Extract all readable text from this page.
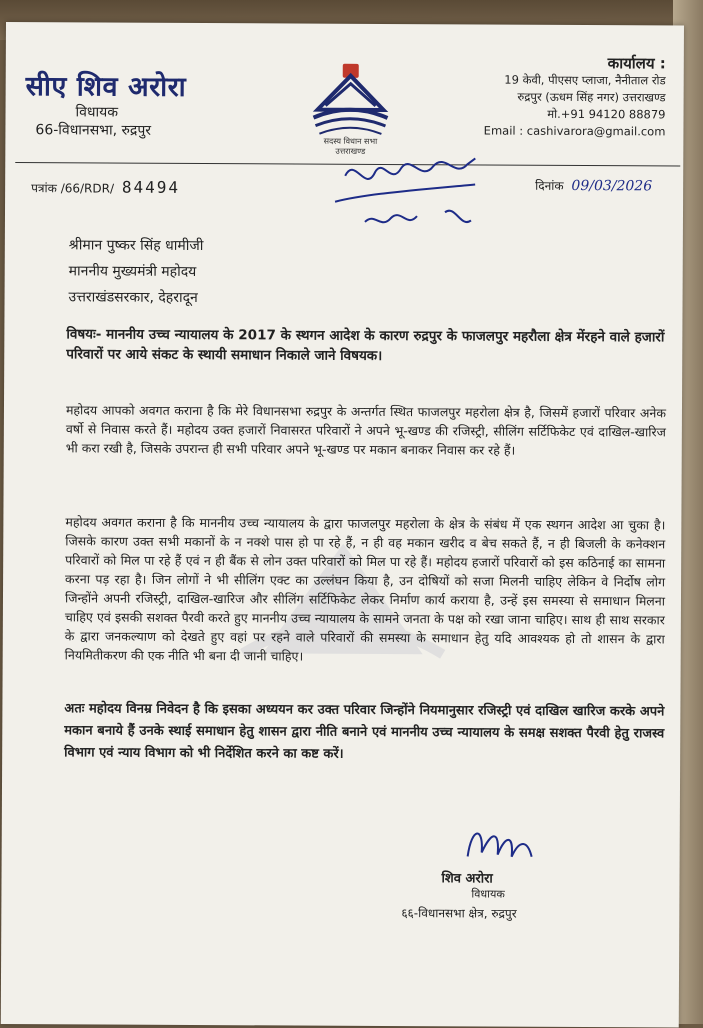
सीए शिव अरोरा
विधायक
66-विधानसभा, रुद्रपुर
सदस्य विधान सभा
उत्तराखण्ड
कार्यालय :
19 केवी, पीएसए प्लाजा, नैनीताल रोड
रुद्रपुर (ऊधम सिंह नगर) उत्तराखण्ड
मो.+91 94120 88879
Email : cashivarora@gmail.com
पत्रांक /66/RDR/ 84494	दिनांक 09/03/2026
श्रीमान पुष्कर सिंह धामीजी
माननीय मुख्यमंत्री महोदय
उत्तराखंडसरकार, देहरादून
विषयः- माननीय उच्च न्यायालय के 2017 के स्थगन आदेश के कारण रुद्रपुर के फाजलपुर महरौला क्षेत्र मेंरहने वाले हजारों परिवारों पर आये संकट के स्थायी समाधान निकाले जाने विषयक।
महोदय आपको अवगत कराना है कि मेरे विधानसभा रुद्रपुर के अन्तर्गत स्थित फाजलपुर महरोला क्षेत्र है, जिसमें हजारों परिवार अनेक वर्षो से निवास करते हैं। महोदय उक्त हजारों निवासरत परिवारों ने अपने भू-खण्ड की रजिस्ट्री, सीलिंग सर्टिफिकेट एवं दाखिल-खारिज भी करा रखी है, जिसके उपरान्त ही सभी परिवार अपने भू-खण्ड पर मकान बनाकर निवास कर रहे हैं।
महोदय अवगत कराना है कि माननीय उच्च न्यायालय के द्वारा फाजलपुर महरोला के क्षेत्र के संबंध में एक स्थगन आदेश आ चुका है। जिसके कारण उक्त सभी मकानों के न नक्शे पास हो पा रहे हैं, न ही वह मकान खरीद व बेच सकते हैं, न ही बिजली के कनेक्शन परिवारों को मिल पा रहे हैं एवं न ही बैंक से लोन उक्त परिवारों को मिल पा रहे हैं। महोदय हजारों परिवारों को इस कठिनाई का सामना करना पड़ रहा है। जिन लोगों ने भी सीलिंग एक्ट का उल्लंघन किया है, उन दोषियों को सजा मिलनी चाहिए लेकिन वे निर्दोष लोग जिन्होंने अपनी रजिस्ट्री, दाखिल-खारिज और सीलिंग सर्टिफिकेट लेकर निर्माण कार्य कराया है, उन्हें इस समस्या से समाधान मिलना चाहिए एवं इसकी सशक्त पैरवी करते हुए माननीय उच्च न्यायालय के सामने जनता के पक्ष को रखा जाना चाहिए। साथ ही साथ सरकार के द्वारा जनकल्याण को देखते हुए वहां पर रहने वाले परिवारों की समस्या के समाधान हेतु यदि आवश्यक हो तो शासन के द्वारा नियमितीकरण की एक नीति भी बना दी जानी चाहिए।
अतः महोदय विनम्र निवेदन है कि इसका अध्ययन कर उक्त परिवार जिन्होंने नियमानुसार रजिस्ट्री एवं दाखिल खारिज करके अपने मकान बनाये हैं उनके स्थाई समाधान हेतु शासन द्वारा नीति बनाने एवं माननीय उच्च न्यायालय के समक्ष सशक्त पैरवी हेतु राजस्व विभाग एवं न्याय विभाग को भी निर्देशित करने का कष्ट करें।
शिव अरोरा
विधायक
६६-विधानसभा क्षेत्र, रुद्रपुर
